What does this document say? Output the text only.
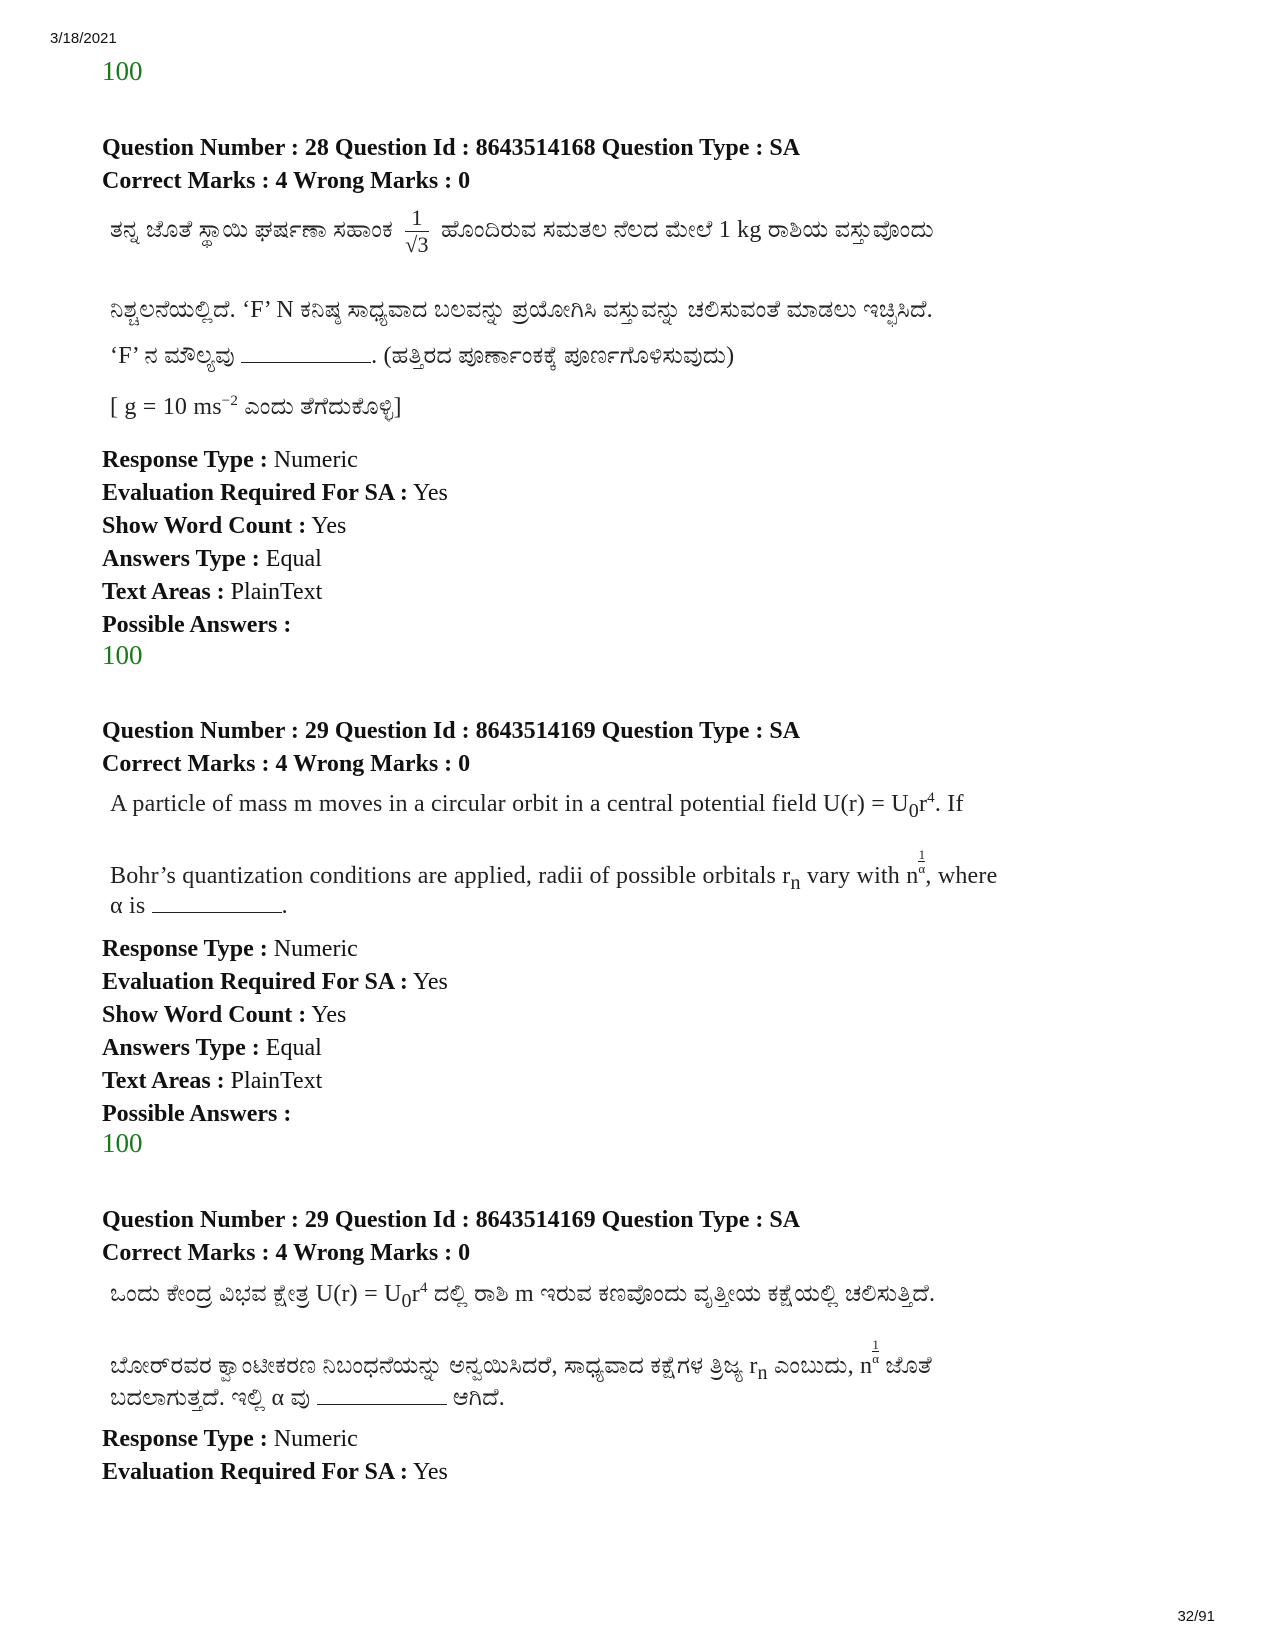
3/18/2021
100
Question Number : 28 Question Id : 8643514168 Question Type : SA
Correct Marks : 4 Wrong Marks : 0
ತನ್ನ ಜೊತೆ ಸ್ಥಾಯಿ ಘರ್ಷಣಾ ಸಹಾಂಕ $\frac{1}{√3}$ ಹೊಂದಿರುವ ಸಮತಲ ನೆಲದ ಮೇಲೆ 1 kg ರಾಶಿಯ ವಸ್ತುವೊಂದು
ನಿಶ್ಚಲನೆಯಲ್ಲಿದೆ. ‘F’ N ಕನಿಷ್ಠ ಸಾಧ್ಯವಾದ ಬಲವನ್ನು ಪ್ರಯೋಗಿಸಿ ವಸ್ತುವನ್ನು ಚಲಿಸುವಂತೆ ಮಾಡಲು ಇಚ್ಛಿಸಿದೆ.
‘F’ ನ ಮೌಲ್ಯವು	. (ಹತ್ತಿರದ ಪೂರ್ಣಾಂಕಕ್ಕೆ ಪೂರ್ಣಗೊಳಿಸುವುದು)
[ g = 10 $ms^{-2}$ ಎಂದು ತೆಗೆದುಕೊಳ್ಳಿ]
Response Type : Numeric
Evaluation Required For SA : Yes
Show Word Count : Yes
Answers Type : Equal
Text Areas : PlainText
Possible Answers :
100
Question Number : 29 Question Id : 8643514169 Question Type : SA
Correct Marks : 4 Wrong Marks : 0
A particle of mass m moves in a circular orbit in a central potential field $U(r) = U_0r^4$. If
Bohr’s quantization conditions are applied, radii of possible orbitals $r_n$ vary with n
$\frac{1}{\alpha}$
, where
α is	.
Response Type : Numeric
Evaluation Required For SA : Yes
Show Word Count : Yes
Answers Type : Equal
Text Areas : PlainText
Possible Answers :
100
Question Number : 29 Question Id : 8643514169 Question Type : SA
Correct Marks : 4 Wrong Marks : 0
ಒಂದು ಕೇಂದ್ರ ವಿಭವ ಕ್ಷೇತ್ರ $U(r) = U_0r^4$ ದಲ್ಲಿ ರಾಶಿ m ಇರುವ ಕಣವೊಂದು ವೃತ್ತೀಯ ಕಕ್ಷೆಯಲ್ಲಿ ಚಲಿಸುತ್ತಿದೆ.
ಬೋರ್‌ರವರ ಕ್ವಾಂಟೀಕರಣ ನಿಬಂಧನೆಯನ್ನು ಅನ್ವಯಿಸಿದರೆ, ಸಾಧ್ಯವಾದ ಕಕ್ಷೆಗಳ ತ್ರಿಜ್ಯ $r_n$ ಎಂಬುದು, n
$\frac{1}{\alpha}$
ಜೊತೆ
ಬದಲಾಗುತ್ತದೆ. ಇಲ್ಲಿ α ವು	ಆಗಿದೆ.
Response Type : Numeric
Evaluation Required For SA : Yes
32/91
